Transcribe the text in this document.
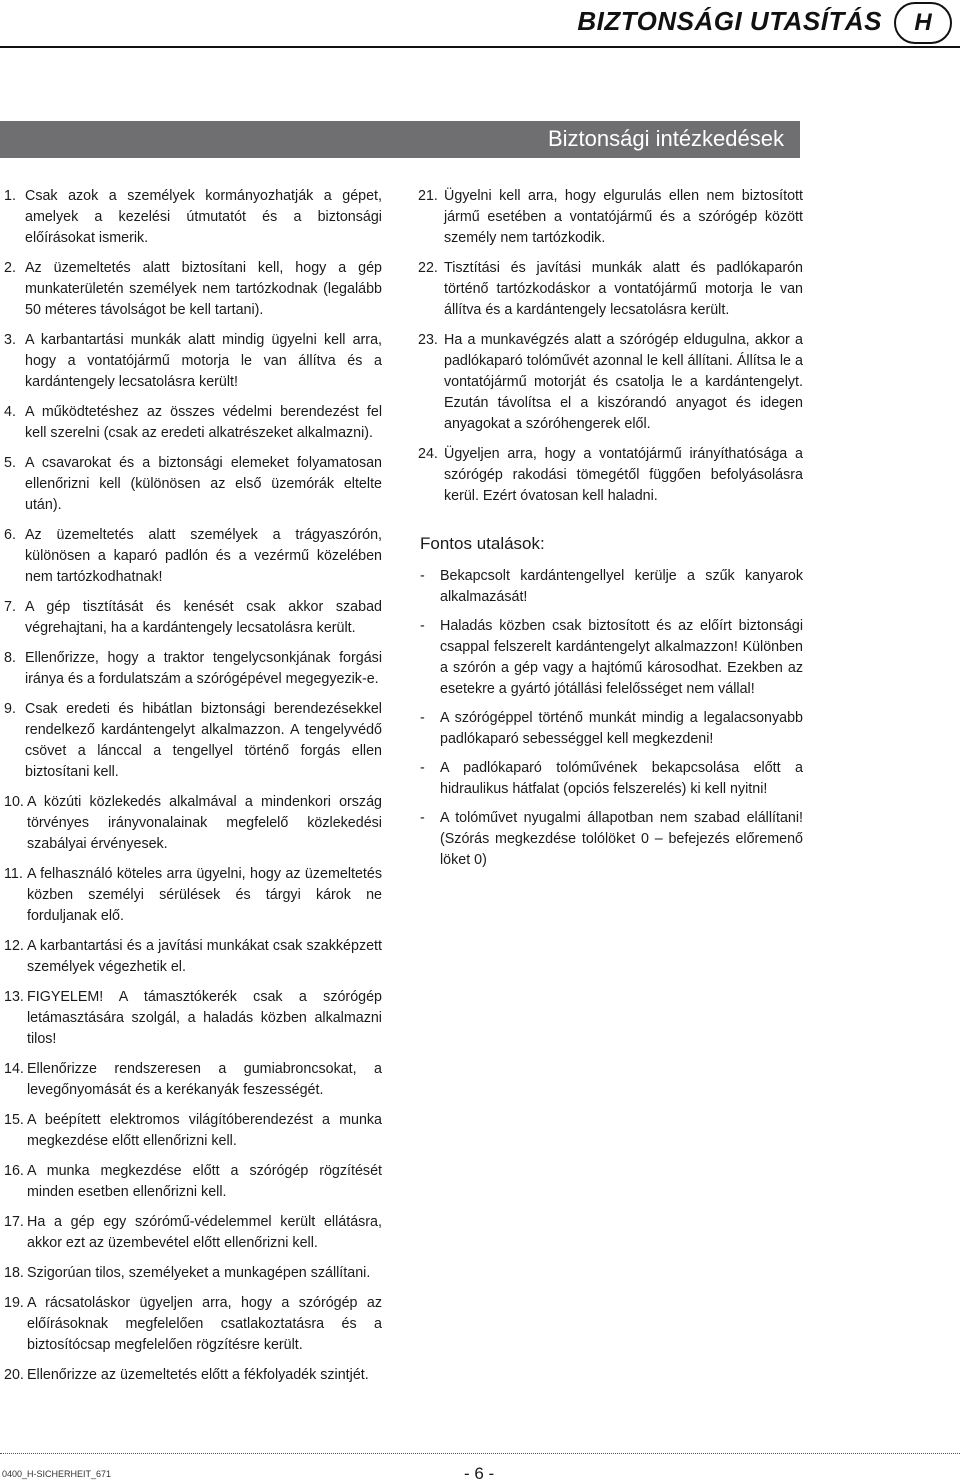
BIZTONSÁGI UTASÍTÁS	H
Biztonsági intézkedések
1. Csak azok a személyek kormányozhatják a gépet, amelyek a kezelési útmutatót és a biztonsági előírásokat ismerik.
2. Az üzemeltetés alatt biztosítani kell, hogy a gép munkaterületén személyek nem tartózkodnak (legalább 50 méteres távolságot be kell tartani).
3. A karbantartási munkák alatt mindig ügyelni kell arra, hogy a vontatójármű motorja le van állítva és a kardántengely lecsatolásra került!
4. A működtetéshez az összes védelmi berendezést fel kell szerelni (csak az eredeti alkatrészeket alkalmazni).
5. A csavarokat és a biztonsági elemeket folyamatosan ellenőrizni kell (különösen az első üzemórák eltelte után).
6. Az üzemeltetés alatt személyek a trágyaszórón, különösen a kaparó padlón és a vezérmű közelében nem tartózkodhatnak!
7. A gép tisztítását és kenését csak akkor szabad végrehajtani, ha a kardántengely lecsatolásra került.
8. Ellenőrizze, hogy a traktor tengelycsonkjának forgási iránya és a fordulatszám a szórógépével megegyezik-e.
9. Csak eredeti és hibátlan biztonsági berendezésekkel rendelkező kardántengelyt alkalmazzon. A tengelyvédő csövet a lánccal a tengellyel történő forgás ellen biztosítani kell.
10. A közúti közlekedés alkalmával a mindenkori ország törvényes irányvonalainak megfelelő közlekedési szabályai érvényesek.
11. A felhasználó köteles arra ügyelni, hogy az üzemeltetés közben személyi sérülések és tárgyi károk ne forduljanak elő.
12. A karbantartási és a javítási munkákat csak szakképzett személyek végezhetik el.
13. FIGYELEM! A támasztókerék csak a szórógép letámasztására szolgál, a haladás közben alkalmazni tilos!
14. Ellenőrizze rendszeresen a gumiabroncsokat, a levegőnyomását és a kerékanyák feszességét.
15. A beépített elektromos világítóberendezést a munka megkezdése előtt ellenőrizni kell.
16. A munka megkezdése előtt a szórógép rögzítését minden esetben ellenőrizni kell.
17. Ha a gép egy szórómű-védelemmel került ellátásra, akkor ezt az üzembevétel előtt ellenőrizni kell.
18. Szigorúan tilos, személyeket a munkagépen szállítani.
19. A rácsatoláskor ügyeljen arra, hogy a szórógép az előírásoknak megfelelően csatlakoztatásra és a biztosítócsap megfelelően rögzítésre került.
20. Ellenőrizze az üzemeltetés előtt a fékfolyadék szintjét.
21. Ügyelni kell arra, hogy elgurulás ellen nem biztosított jármű esetében a vontatójármű és a szórógép között személy nem tartózkodik.
22. Tisztítási és javítási munkák alatt és padlókaparón történő tartózkodáskor a vontatójármű motorja le van állítva és a kardántengely lecsatolásra került.
23. Ha a munkavégzés alatt a szórógép eldugulna, akkor a padlókaparó tolóművét azonnal le kell állítani. Állítsa le a vontatójármű motorját és csatolja le a kardántengelyt. Ezután távolítsa el a kiszórandó anyagot és idegen anyagokat a szóróhengerek elől.
24. Ügyeljen arra, hogy a vontatójármű irányíthatósága a szórógép rakodási tömegétől függően befolyásolásra kerül. Ezért óvatosan kell haladni.
Fontos utalások:
-	Bekapcsolt kardántengellyel kerülje a szűk kanyarok alkalmazását!
-	Haladás közben csak biztosított és az előírt biztonsági csappal felszerelt kardántengelyt alkalmazzon! Különben a szórón a gép vagy a hajtómű károsodhat. Ezekben az esetekre a gyártó jótállási felelősséget nem vállal!
-	A szórógéppel történő munkát mindig a legalacsonyabb padlókaparó sebességgel kell megkezdeni!
-	A padlókaparó tolóművének bekapcsolása előtt a hidraulikus hátfalat (opciós felszerelés) ki kell nyitni!
-	A tolóművet nyugalmi állapotban nem szabad elállítani! (Szórás megkezdése tolólöket 0 – befejezés előremenő löket 0)
0400_H-SICHERHEIT_671	- 6 -
